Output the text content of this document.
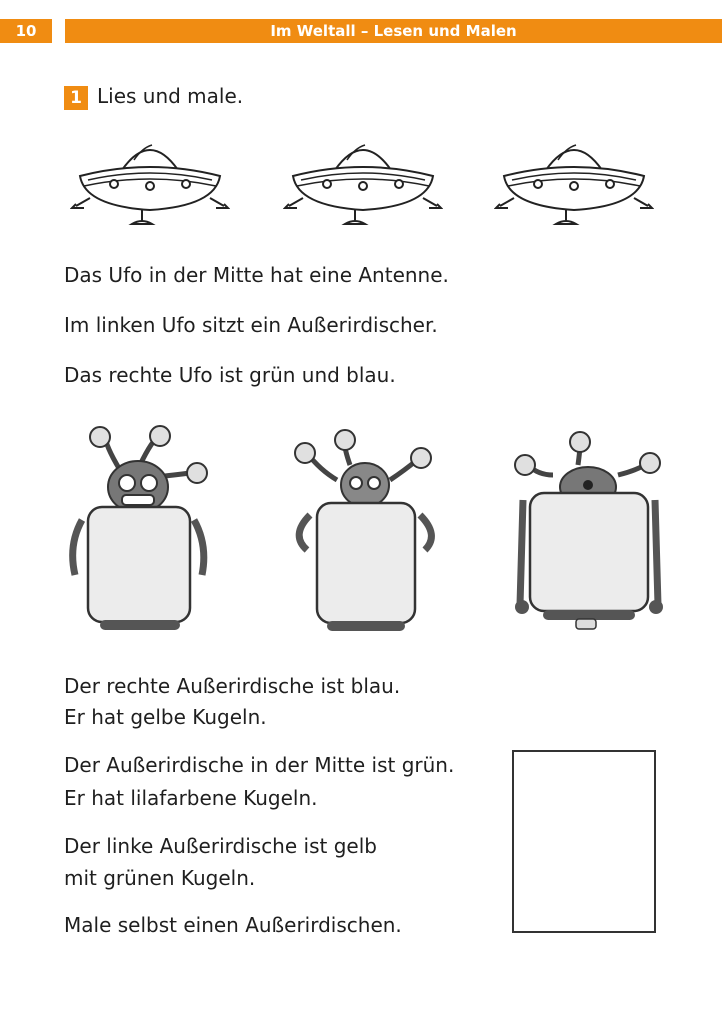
10	Im Weltall – Lesen und Malen
1 Lies und male.
Das Ufo in der Mitte hat eine Antenne.
Im linken Ufo sitzt ein Außerirdischer.
Das rechte Ufo ist grün und blau.
Der rechte Außerirdische ist blau.
Er hat gelbe Kugeln.
Der Außerirdische in der Mitte ist grün.
Er hat lilafarbene Kugeln.
Der linke Außerirdische ist gelb
mit grünen Kugeln.
Male selbst einen Außerirdischen.
